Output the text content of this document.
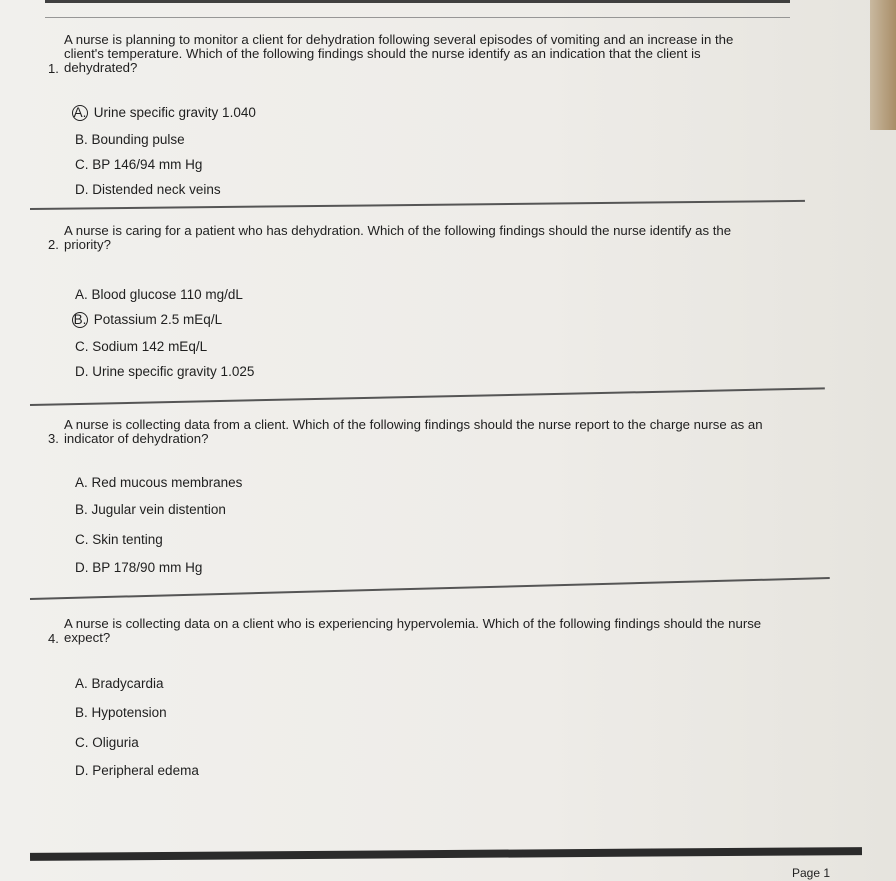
1.
A nurse is planning to monitor a client for dehydration following several episodes of vomiting and an increase in the client's temperature. Which of the following findings should the nurse identify as an indication that the client is dehydrated?
A. Urine specific gravity 1.040
B. Bounding pulse
C. BP 146/94 mm Hg
D. Distended neck veins
2.
A nurse is caring for a patient who has dehydration. Which of the following findings should the nurse identify as the priority?
A. Blood glucose 110 mg/dL
B. Potassium 2.5 mEq/L
C. Sodium 142 mEq/L
D. Urine specific gravity 1.025
3.
A nurse is collecting data from a client. Which of the following findings should the nurse report to the charge nurse as an indicator of dehydration?
A. Red mucous membranes
B. Jugular vein distention
C. Skin tenting
D. BP 178/90 mm Hg
4.
A nurse is collecting data on a client who is experiencing hypervolemia. Which of the following findings should the nurse expect?
A. Bradycardia
B. Hypotension
C. Oliguria
D. Peripheral edema
Page 1
